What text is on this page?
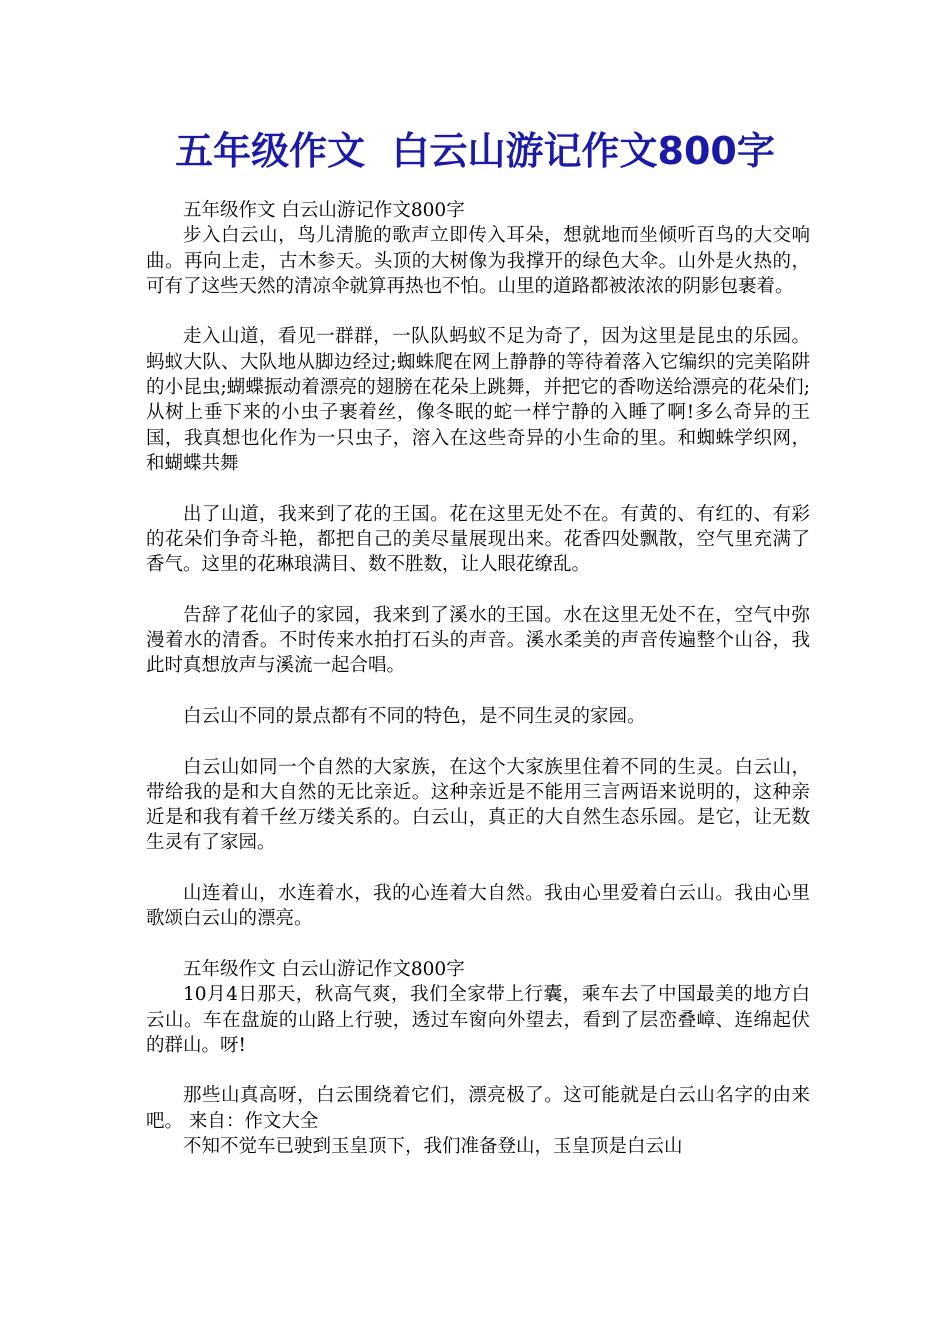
五年级作文  白云山游记作文800字

五年级作文 白云山游记作文800字

步入白云山，鸟儿清脆的歌声立即传入耳朵，想就地而坐倾听百鸟的大交响曲。再向上走，古木参天。头顶的大树像为我撑开的绿色大伞。山外是火热的，可有了这些天然的清凉伞就算再热也不怕。山里的道路都被浓浓的阴影包裹着。

走入山道，看见一群群，一队队蚂蚁不足为奇了，因为这里是昆虫的乐园。蚂蚁大队、大队地从脚边经过;蜘蛛爬在网上静静的等待着落入它编织的完美陷阱的小昆虫;蝴蝶振动着漂亮的翅膀在花朵上跳舞，并把它的香吻送给漂亮的花朵们;从树上垂下来的小虫子裹着丝，像冬眠的蛇一样宁静的入睡了啊!多么奇异的王国，我真想也化作为一只虫子，溶入在这些奇异的小生命的里。和蜘蛛学织网，和蝴蝶共舞

出了山道，我来到了花的王国。花在这里无处不在。有黄的、有红的、有彩的花朵们争奇斗艳，都把自己的美尽量展现出来。花香四处飘散，空气里充满了香气。这里的花琳琅满目、数不胜数，让人眼花缭乱。

告辞了花仙子的家园，我来到了溪水的王国。水在这里无处不在，空气中弥漫着水的清香。不时传来水拍打石头的声音。溪水柔美的声音传遍整个山谷，我此时真想放声与溪流一起合唱。

白云山不同的景点都有不同的特色，是不同生灵的家园。

白云山如同一个自然的大家族，在这个大家族里住着不同的生灵。白云山，带给我的是和大自然的无比亲近。这种亲近是不能用三言两语来说明的，这种亲近是和我有着千丝万缕关系的。白云山，真正的大自然生态乐园。是它，让无数生灵有了家园。

山连着山，水连着水，我的心连着大自然。我由心里爱着白云山。我由心里歌颂白云山的漂亮。

五年级作文 白云山游记作文800字

10月4日那天，秋高气爽，我们全家带上行囊，乘车去了中国最美的地方白云山。车在盘旋的山路上行驶，透过车窗向外望去，看到了层峦叠嶂、连绵起伏的群山。呀!

那些山真高呀，白云围绕着它们，漂亮极了。这可能就是白云山名字的由来吧。 来自：作文大全

不知不觉车已驶到玉皇顶下，我们准备登山，玉皇顶是白云山
